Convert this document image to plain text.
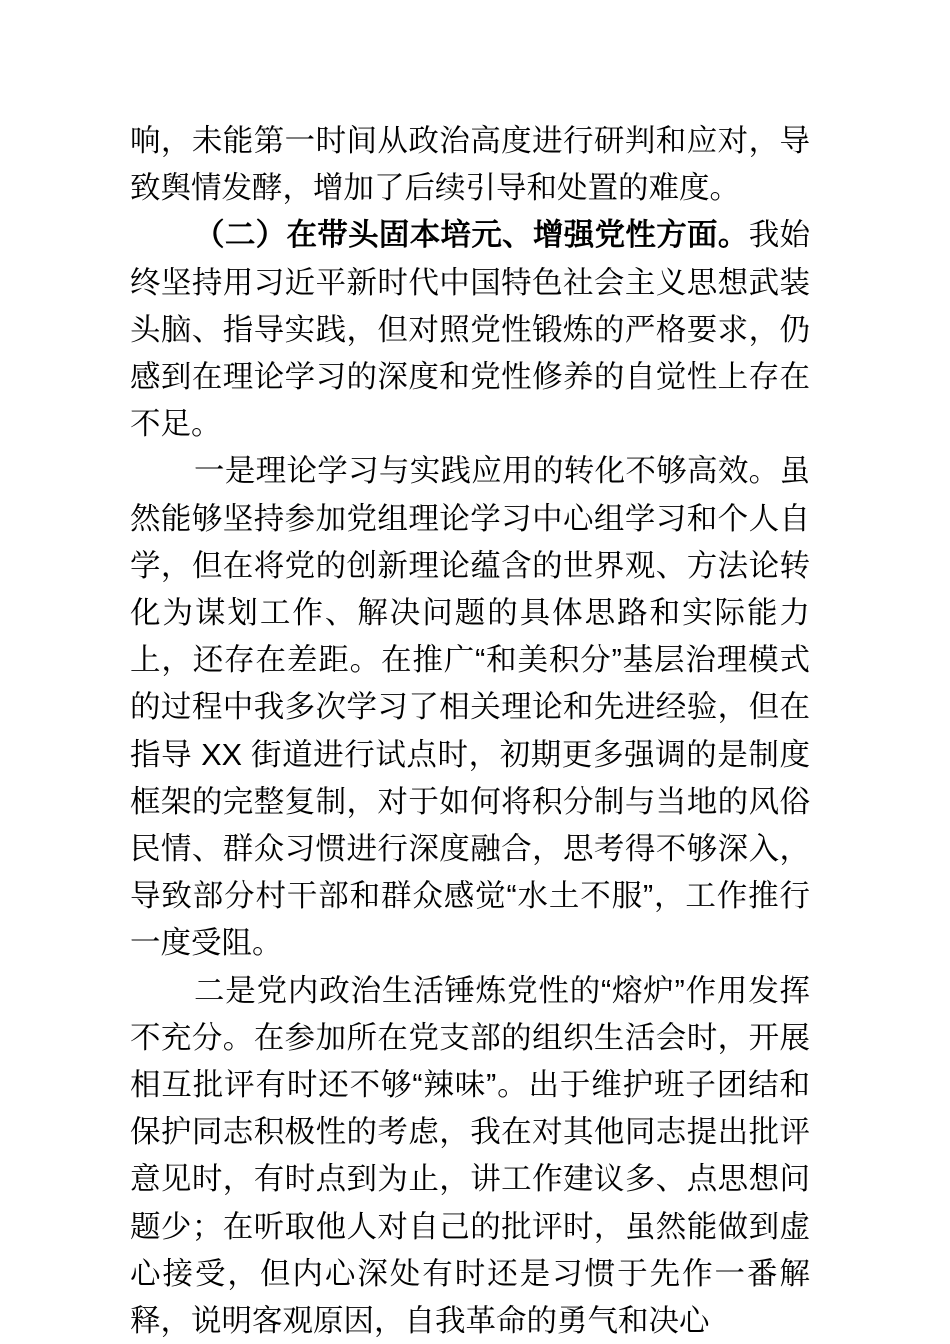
响，未能第一时间从政治高度进行研判和应对，导致舆情发酵，增加了后续引导和处置的难度。

（二）在带头固本培元、增强党性方面。我始终坚持用习近平新时代中国特色社会主义思想武装头脑、指导实践，但对照党性锻炼的严格要求，仍感到在理论学习的深度和党性修养的自觉性上存在不足。

一是理论学习与实践应用的转化不够高效。虽然能够坚持参加党组理论学习中心组学习和个人自学，但在将党的创新理论蕴含的世界观、方法论转化为谋划工作、解决问题的具体思路和实际能力上，还存在差距。在推广“和美积分”基层治理模式的过程中我多次学习了相关理论和先进经验，但在指导 XX 街道进行试点时，初期更多强调的是制度框架的完整复制，对于如何将积分制与当地的风俗民情、群众习惯进行深度融合，思考得不够深入，导致部分村干部和群众感觉“水土不服”，工作推行一度受阻。

二是党内政治生活锤炼党性的“熔炉”作用发挥不充分。在参加所在党支部的组织生活会时，开展相互批评有时还不够“辣味”。出于维护班子团结和保护同志积极性的考虑，我在对其他同志提出批评意见时，有时点到为止，讲工作建议多、点思想问题少；在听取他人对自己的批评时，虽然能做到虚心接受，但内心深处有时还是习惯于先作一番解释，说明客观原因，自我革命的勇气和决心
